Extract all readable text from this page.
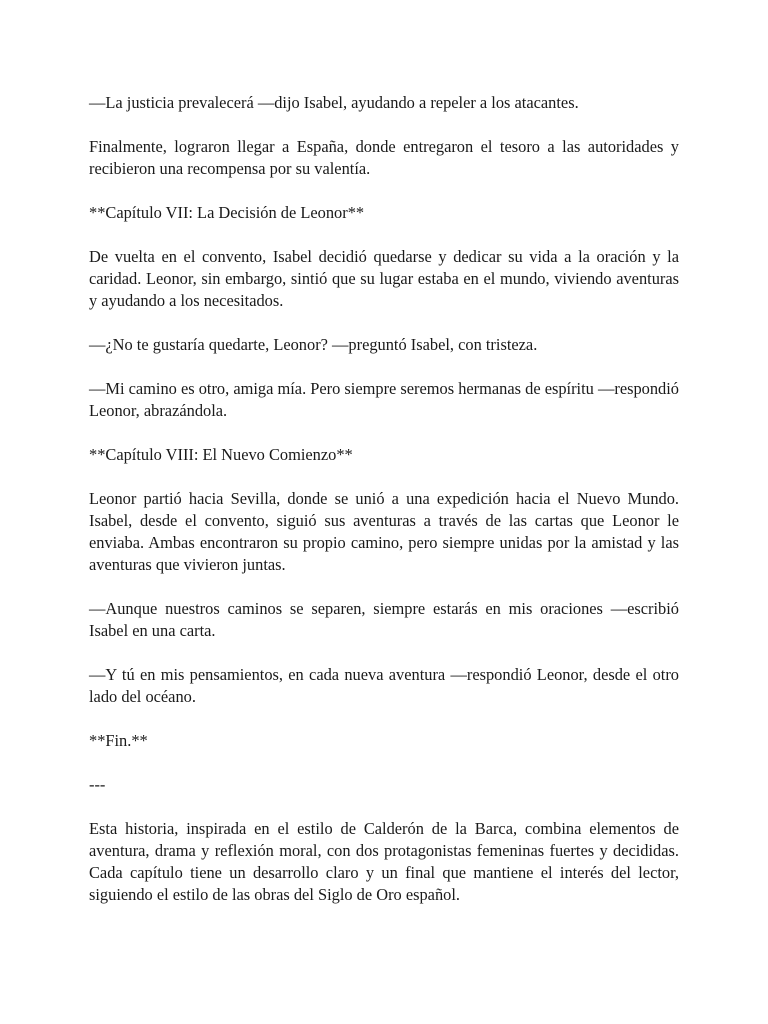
—La justicia prevalecerá —dijo Isabel, ayudando a repeler a los atacantes.

Finalmente, lograron llegar a España, donde entregaron el tesoro a las autoridades y recibieron una recompensa por su valentía.

**Capítulo VII: La Decisión de Leonor**

De vuelta en el convento, Isabel decidió quedarse y dedicar su vida a la oración y la caridad. Leonor, sin embargo, sintió que su lugar estaba en el mundo, viviendo aventuras y ayudando a los necesitados.

—¿No te gustaría quedarte, Leonor? —preguntó Isabel, con tristeza.

—Mi camino es otro, amiga mía. Pero siempre seremos hermanas de espíritu —respondió Leonor, abrazándola.

**Capítulo VIII: El Nuevo Comienzo**

Leonor partió hacia Sevilla, donde se unió a una expedición hacia el Nuevo Mundo. Isabel, desde el convento, siguió sus aventuras a través de las cartas que Leonor le enviaba. Ambas encontraron su propio camino, pero siempre unidas por la amistad y las aventuras que vivieron juntas.

—Aunque nuestros caminos se separen, siempre estarás en mis oraciones —escribió Isabel en una carta.

—Y tú en mis pensamientos, en cada nueva aventura —respondió Leonor, desde el otro lado del océano.

**Fin.**

---

Esta historia, inspirada en el estilo de Calderón de la Barca, combina elementos de aventura, drama y reflexión moral, con dos protagonistas femeninas fuertes y decididas. Cada capítulo tiene un desarrollo claro y un final que mantiene el interés del lector, siguiendo el estilo de las obras del Siglo de Oro español.
